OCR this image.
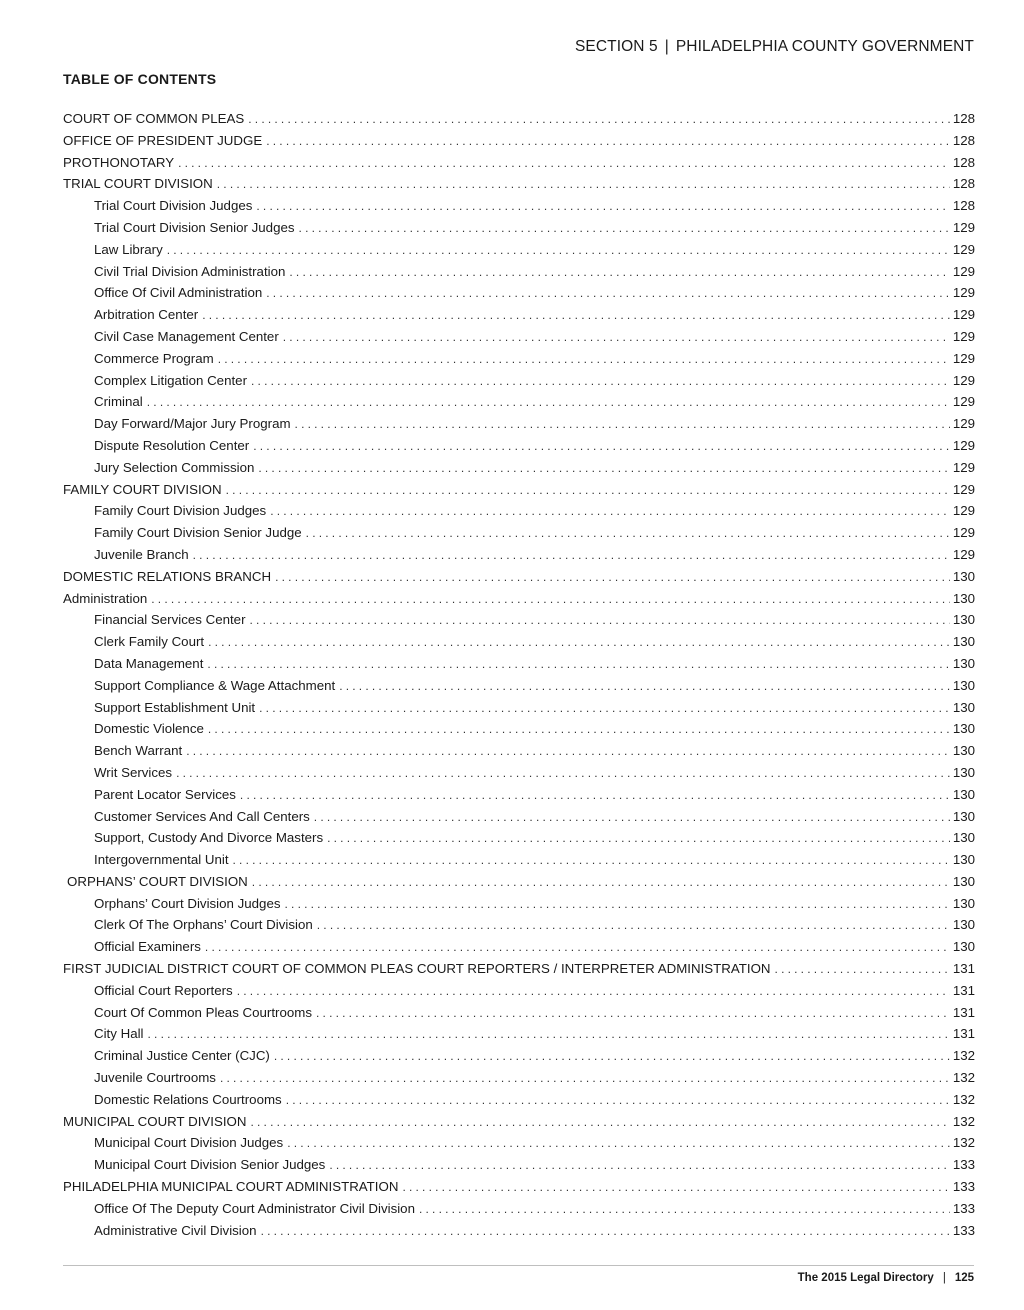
SECTION 5 | PHILADELPHIA COUNTY GOVERNMENT
TABLE OF CONTENTS
COURT OF COMMON PLEAS .....	128
OFFICE OF PRESIDENT JUDGE .....	128
PROTHONOTARY .....	128
TRIAL COURT DIVISION .....	128
Trial Court Division Judges .....	128
Trial Court Division Senior Judges .....	129
Law Library .....	129
Civil Trial Division Administration .....	129
Office Of Civil Administration .....	129
Arbitration Center .....	129
Civil Case Management Center .....	129
Commerce Program .....	129
Complex Litigation Center .....	129
Criminal .....	129
Day Forward/Major Jury Program .....	129
Dispute Resolution Center .....	129
Jury Selection Commission .....	129
FAMILY COURT DIVISION .....	129
Family Court Division Judges .....	129
Family Court Division Senior Judge .....	129
Juvenile Branch .....	129
DOMESTIC RELATIONS BRANCH .....	130
Administration .....	130
Financial Services Center .....	130
Clerk Family Court .....	130
Data Management .....	130
Support Compliance & Wage Attachment .....	130
Support Establishment Unit .....	130
Domestic Violence .....	130
Bench Warrant .....	130
Writ Services .....	130
Parent Locator Services .....	130
Customer Services And Call Centers .....	130
Support, Custody And Divorce Masters .....	130
Intergovernmental Unit .....	130
ORPHANS’ COURT DIVISION .....	130
Orphans’ Court Division Judges .....	130
Clerk Of The Orphans’ Court Division .....	130
Official Examiners .....	130
FIRST JUDICIAL DISTRICT COURT OF COMMON PLEAS COURT REPORTERS / INTERPRETER ADMINISTRATION .....	131
Official Court Reporters .....	131
Court Of Common Pleas Courtrooms .....	131
City Hall .....	131
Criminal Justice Center (CJC) .....	132
Juvenile Courtrooms .....	132
Domestic Relations Courtrooms .....	132
MUNICIPAL COURT DIVISION .....	132
Municipal Court Division Judges .....	132
Municipal Court Division Senior Judges .....	133
PHILADELPHIA MUNICIPAL COURT ADMINISTRATION .....	133
Office Of The Deputy Court Administrator Civil Division .....	133
Administrative Civil Division .....	133
The 2015 Legal Directory | 125
